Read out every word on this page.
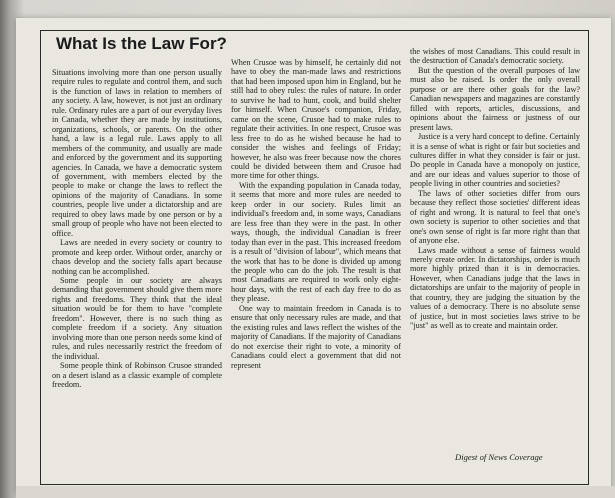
What Is the Law For?

Situations involving more than one person usually require rules to regulate and control them, and such is the function of laws in relation to members of any society. A law, however, is not just an ordinary rule. Ordinary rules are a part of our everyday lives in Canada, whether they are made by institutions, organizations, schools, or parents. On the other hand, a law is a legal rule. Laws apply to all members of the community, and usually are made and enforced by the government and its supporting agencies. In Canada, we have a democratic system of government, with members elected by the people to make or change the laws to reflect the opinions of the majority of Canadians. In some countries, people live under a dictatorship and are required to obey laws made by one person or by a small group of people who have not been elected to office.

Laws are needed in every society or country to promote and keep order. Without order, anarchy or chaos develop and the society falls apart because nothing can be accomplished.

Some people in our society are always demanding that government should give them more rights and freedoms. They think that the ideal situation would be for them to have "complete freedom". However, there is no such thing as complete freedom if a society. Any situation involving more than one person needs some kind of rules, and rules necessarily restrict the freedom of the individual.

Some people think of Robinson Crusoe stranded on a desert island as a classic example of complete freedom.

When Crusoe was by himself, he certainly did not have to obey the man-made laws and restrictions that had been imposed upon him in England, but he still had to obey rules: the rules of nature. In order to survive he had to hunt, cook, and build shelter for himself. When Crusoe's companion, Friday, came on the scene, Crusoe had to make rules to regulate their activities. In one respect, Crusoe was less free to do as he wished because he had to consider the wishes and feelings of Friday; however, he also was freer because now the chores could be divided between them and Crusoe had more time for other things.

With the expanding population in Canada today, it seems that more and more rules are needed to keep order in our society. Rules limit an individual's freedom and, in some ways, Canadians are less free than they were in the past. In other ways, though, the individual Canadian is freer today than ever in the past. This increased freedom is a result of "division of labour", which means that the work that has to be done is divided up among the people who can do the job. The result is that most Canadians are required to work only eight-hour days, with the rest of each day free to do as they please.

One way to maintain freedom in Canada is to ensure that only necessary rules are made, and that the existing rules and laws reflect the wishes of the majority of Canadians. If the majority of Canadians do not exercise their right to vote, a minority of Canadians could elect a government that did not represent

the wishes of most Canadians. This could result in the destruction of Canada's democratic society.

But the question of the overall purposes of law must also be raised. Is order the only overall purpose or are there other goals for the law? Canadian newspapers and magazines are constantly filled with reports, articles, discussions, and opinions about the fairness or justness of our present laws.

Justice is a very hard concept to define. Certainly it is a sense of what is right or fair but societies and cultures differ in what they consider is fair or just. Do people in Canada have a monopoly on justice, and are our ideas and values superior to those of people living in other countries and societies?

The laws of other societies differ from ours because they reflect those societies' different ideas of right and wrong. It is natural to feel that one's own society is superior to other societies and that one's own sense of right is far more right than that of anyone else.

Laws made without a sense of fairness would merely create order. In dictatorships, order is much more highly prized than it is in democracies. However, when Canadians judge that the laws in dictatorships are unfair to the majority of people in that country, they are judging the situation by the values of a democracy. There is no absolute sense of justice, but in most societies laws strive to be "just" as well as to create and maintain order.

Digest of News Coverage
